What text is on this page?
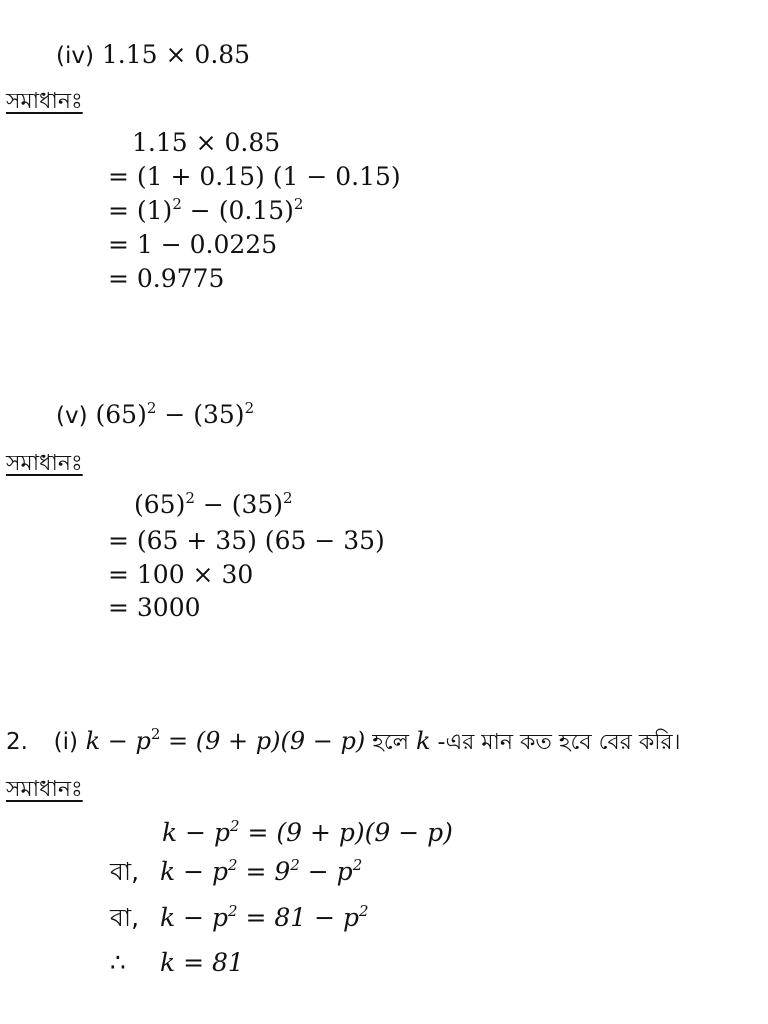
(iv) 1.15 × 0.85
সমাধানঃ
1.15 × 0.85
= (1 + 0.15) (1 − 0.15)
= $(1)^2 - (0.15)^2$
= 1 − 0.0225
= 0.9775
(v) $(65)^2 - (35)^2$
সমাধানঃ
$(65)^2 - (35)^2$
= (65 + 35) (65 − 35)
= 100 × 30
= 3000
2. (i) $k - p^2 = (9 + p)(9 - p)$ হলে k -এর মান কত হবে বের করি।
সমাধানঃ
$k - p^2 = (9 + p)(9 - p)$
বা, $k - p^2 = 9^2 - p^2$
বা, $k - p^2 = 81 - p^2$
∴ k = 81
